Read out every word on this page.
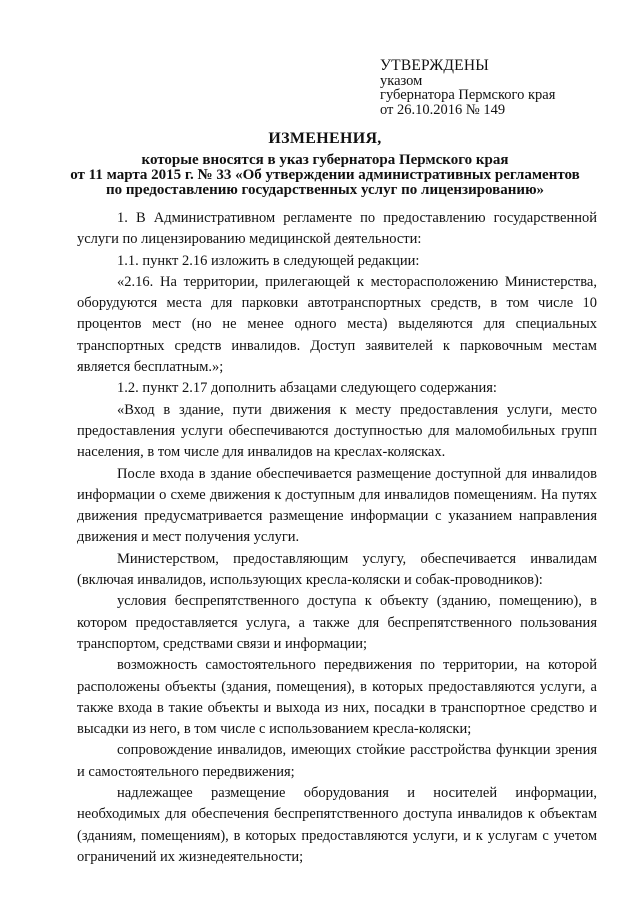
УТВЕРЖДЕНЫ
указом
губернатора Пермского края
от 26.10.2016 № 149
ИЗМЕНЕНИЯ,
которые вносятся в указ губернатора Пермского края
от 11 марта 2015 г. № 33 «Об утверждении административных регламентов
по предоставлению государственных услуг по лицензированию»

1. В Административном регламенте по предоставлению государственной услуги по лицензированию медицинской деятельности:

1.1. пункт 2.16 изложить в следующей редакции:

«2.16. На территории, прилегающей к месторасположению Министерства, оборудуются места для парковки автотранспортных средств, в том числе 10 процентов мест (но не менее одного места) выделяются для специальных транспортных средств инвалидов. Доступ заявителей к парковочным местам является бесплатным.»;

1.2. пункт 2.17 дополнить абзацами следующего содержания:

«Вход в здание, пути движения к месту предоставления услуги, место предоставления услуги обеспечиваются доступностью для маломобильных групп населения, в том числе для инвалидов на креслах-колясках.

После входа в здание обеспечивается размещение доступной для инвалидов информации о схеме движения к доступным для инвалидов помещениям. На путях движения предусматривается размещение информации с указанием направления движения и мест получения услуги.

Министерством, предоставляющим услугу, обеспечивается инвалидам (включая инвалидов, использующих кресла-коляски и собак-проводников):

условия беспрепятственного доступа к объекту (зданию, помещению), в котором предоставляется услуга, а также для беспрепятственного пользования транспортом, средствами связи и информации;

возможность самостоятельного передвижения по территории, на которой расположены объекты (здания, помещения), в которых предоставляются услуги, а также входа в такие объекты и выхода из них, посадки в транспортное средство и высадки из него, в том числе с использованием кресла-коляски;

сопровождение инвалидов, имеющих стойкие расстройства функции зрения и самостоятельного передвижения;

надлежащее размещение оборудования и носителей информации, необходимых для обеспечения беспрепятственного доступа инвалидов к объектам (зданиям, помещениям), в которых предоставляются услуги, и к услугам с учетом ограничений их жизнедеятельности;
